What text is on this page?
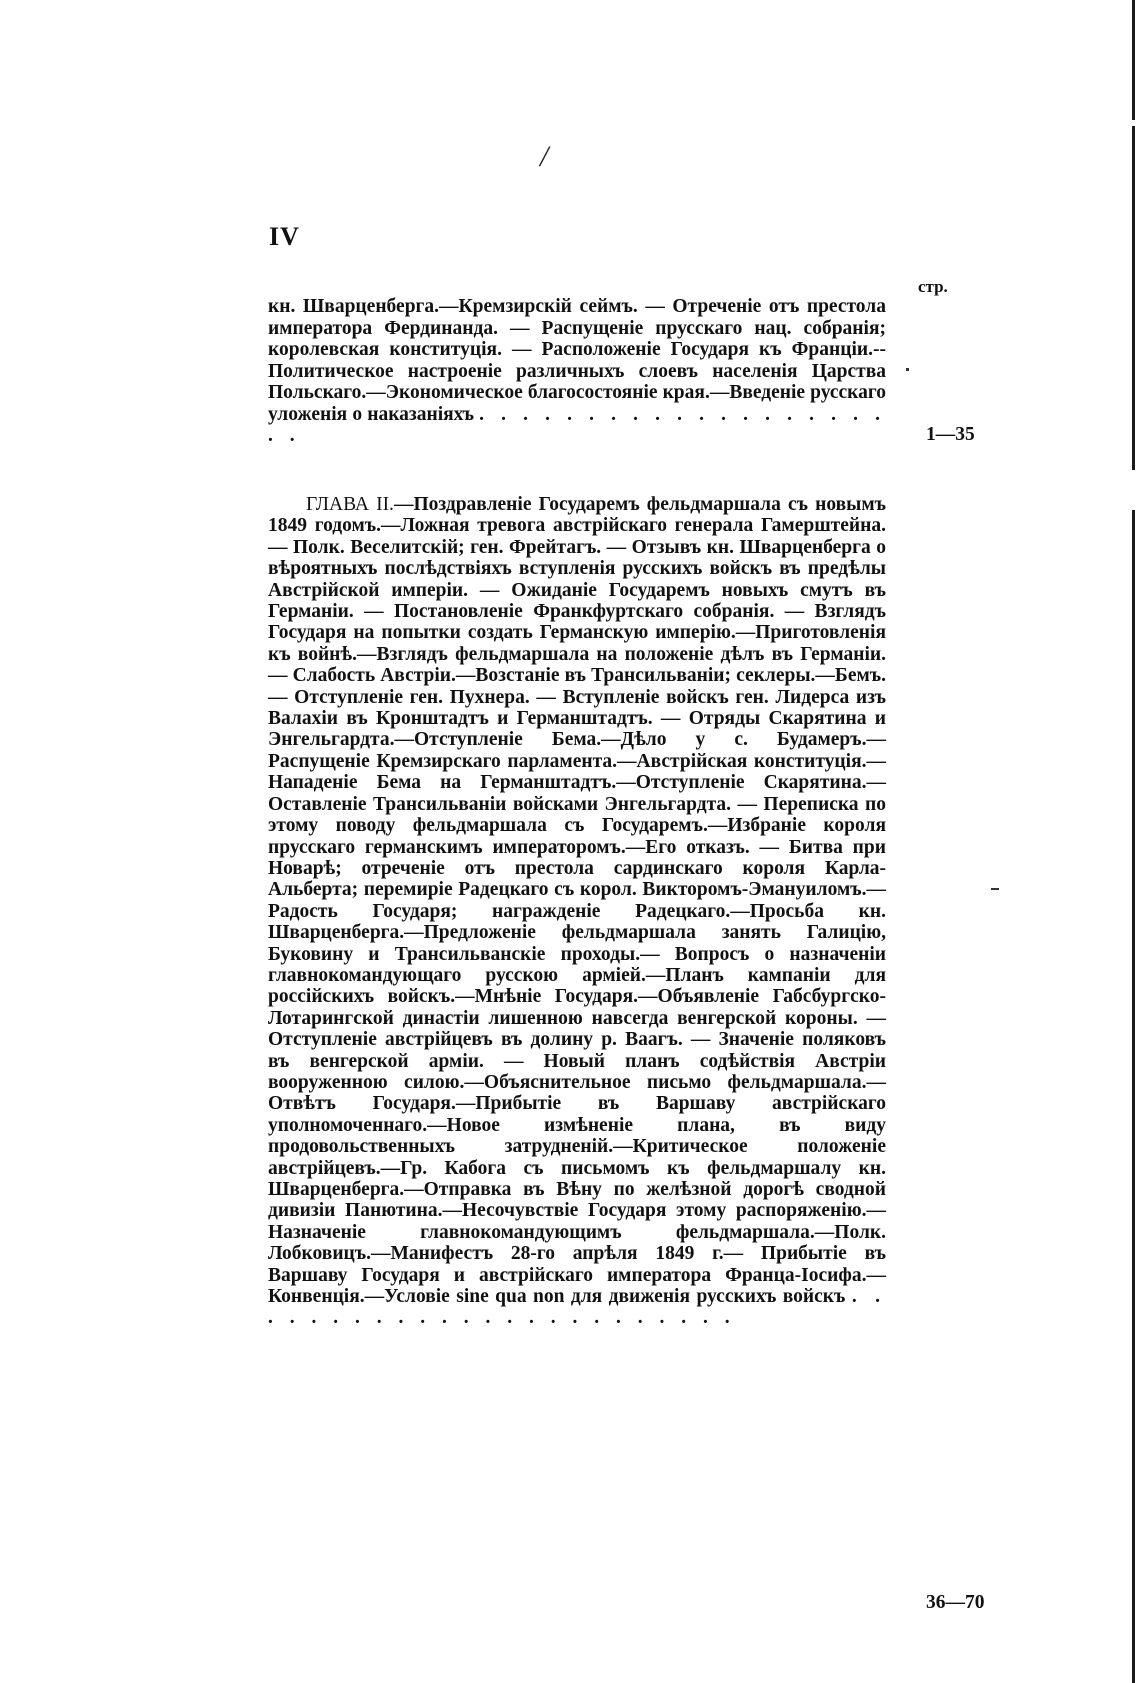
/
IV
стр.
кн. Шварценберга.—Кремзирскій сеймъ. — Отреченіе отъ престола императора Фердинанда. — Распущеніе прусскаго нац. собранія; королевская конституція. — Расположеніе Государя къ Франціи.-- Политическое настроеніе различныхъ слоевъ населенія Царства Польскаго.—Экономическое благосостояніе края.—Введеніе русскаго уложенія о наказаніяхъ . . . . . . . . . . . . . . . . . . . . .	1—35
ГЛАВА II.—Поздравленіе Государемъ фельдмаршала съ новымъ 1849 годомъ.—Ложная тревога австрійскаго генерала Гамерштейна.— Полк. Веселитскій; ген. Фрейтагъ. — Отзывъ кн. Шварценберга о вѣроятныхъ послѣдствіяхъ вступленія русскихъ войскъ въ предѣлы Австрійской имперіи. — Ожиданіе Государемъ новыхъ смутъ въ Германіи. — Постановленіе Франкфуртскаго собранія. — Взглядъ Государя на попытки создать Германскую имперію.—Приготовленія къ войнѣ.—Взглядъ фельдмаршала на положеніе дѣлъ въ Германіи.— Слабость Австріи.—Возстаніе въ Трансильваніи; секлеры.—Бемъ.— Отступленіе ген. Пухнера. — Вступленіе войскъ ген. Лидерса изъ Валахіи въ Кронштадтъ и Германштадтъ. — Отряды Скарятина и Энгельгардта.—Отступленіе Бема.—Дѣло у с. Будамеръ.—Распущеніе Кремзирскаго парламента.—Австрійская конституція.—Нападеніе Бема на Германштадтъ.—Отступленіе Скарятина.—Оставленіе Трансильваніи войсками Энгельгардта. — Переписка по этому поводу фельдмаршала съ Государемъ.—Избраніе короля прусскаго германскимъ императоромъ.—Его отказъ. — Битва при Новарѣ; отреченіе отъ престола сардинскаго короля Карла-Альберта; перемиріе Радецкаго съ корол. Викторомъ-Эмануиломъ.—Радость Государя; награжденіе Радецкаго.—Просьба кн. Шварценберга.—Предложеніе фельдмаршала занять Галицію, Буковину и Трансильванскіе проходы.— Вопросъ о назначеніи главнокомандующаго русскою арміей.—Планъ кампаніи для россійскихъ войскъ.—Мнѣніе Государя.—Объявленіе Габсбургско-Лотарингской династіи лишенною навсегда венгерской короны. — Отступленіе австрійцевъ въ долину р. Ваагъ. — Значеніе поляковъ въ венгерской арміи. — Новый планъ содѣйствія Австріи вооруженною силою.—Объяснительное письмо фельдмаршала.—Отвѣтъ Государя.—Прибытіе въ Варшаву австрійскаго уполномоченнаго.—Новое измѣненіе плана, въ виду продовольственныхъ затрудненій.—Критическое положеніе австрійцевъ.—Гр. Кабога съ письмомъ къ фельдмаршалу кн. Шварценберга.—Отправка въ Вѣну по желѣзной дорогѣ сводной дивизіи Панютина.—Несочувствіе Государя этому распоряженію.—Назначеніе главнокомандующимъ фельдмаршала.—Полк. Лобковицъ.—Манифестъ 28-го апрѣля 1849 г.— Прибытіе въ Варшаву Государя и австрійскаго императора Франца-Іосифа.—Конвенція.—Условіе sine qua non для движенія русскихъ войскъ . . . . . . . . . . . . . . . . . . . . . . . .
36—70
